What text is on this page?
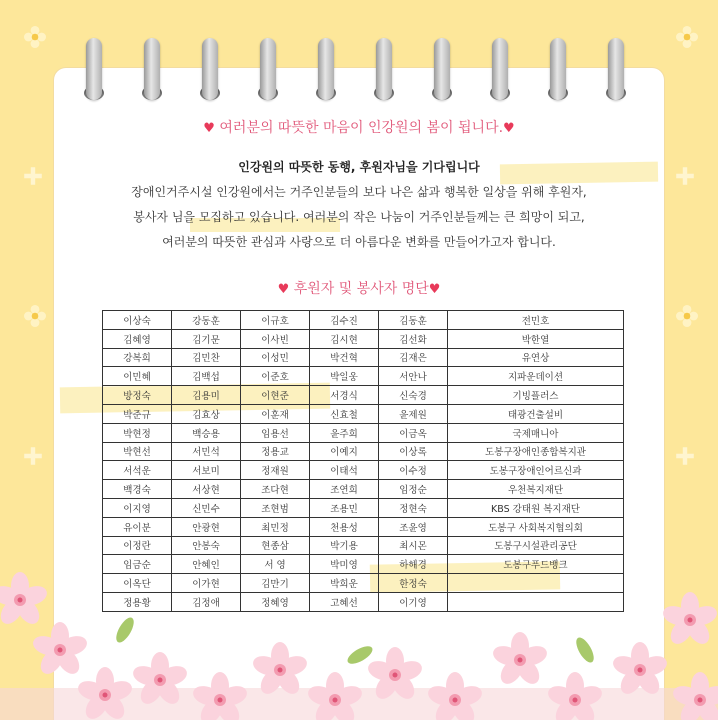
♥ 여러분의 따뜻한 마음이 인강원의 봄이 됩니다.♥
인강원의 따뜻한 동행, 후원자님을 기다립니다
장애인거주시설 인강원에서는 거주인분들의 보다 나은 삶과 행복한 일상을 위해 후원자,
봉사자 님을 모집하고 있습니다. 여러분의 작은 나눔이 거주인분들께는 큰 희망이 되고,
여러분의 따뜻한 관심과 사랑으로 더 아름다운 변화를 만들어가고자 합니다.
♥ 후원자 및 봉사자 명단♥
이상숙	강동훈	이규호	김수진	김동훈	전민호
김혜영	김기문	이사빈	김시현	김선화	박한열
강복희	김민찬	이성민	박건혁	김재은	유연상
이민혜	김백섭	이준호	박일웅	서안나	지파운데이션
방정숙	김용미	이현준	서경식	신숙경	기빙플러스
박준규	김효상	이훈재	신효철	윤제원	태광건출설비
박현정	백승용	임용선	윤주희	이금옥	국제매니아
박현선	서민석	정용교	이예지	이상록	도봉구장애인종합복지관
서석운	서보미	정재원	이태석	이수정	도봉구장애인어르신과
백경숙	서상현	조다현	조연희	임정순	우천복지재단
이지영	신민수	조현범	조용민	정현숙	KBS 강태원 복지재단
유이분	안광현	최민정	천용성	조윤영	도봉구 사회복지협의회
이정란	안봉숙	현종삼	박기용	최시몬	도봉구시설관리공단
임금순	안혜인	서 영	박미영	하해경	도봉구푸드뱅크
이옥단	이가현	김만기	박희운	한정숙	
정용황	김정애	정혜영	고혜선	이기영	
